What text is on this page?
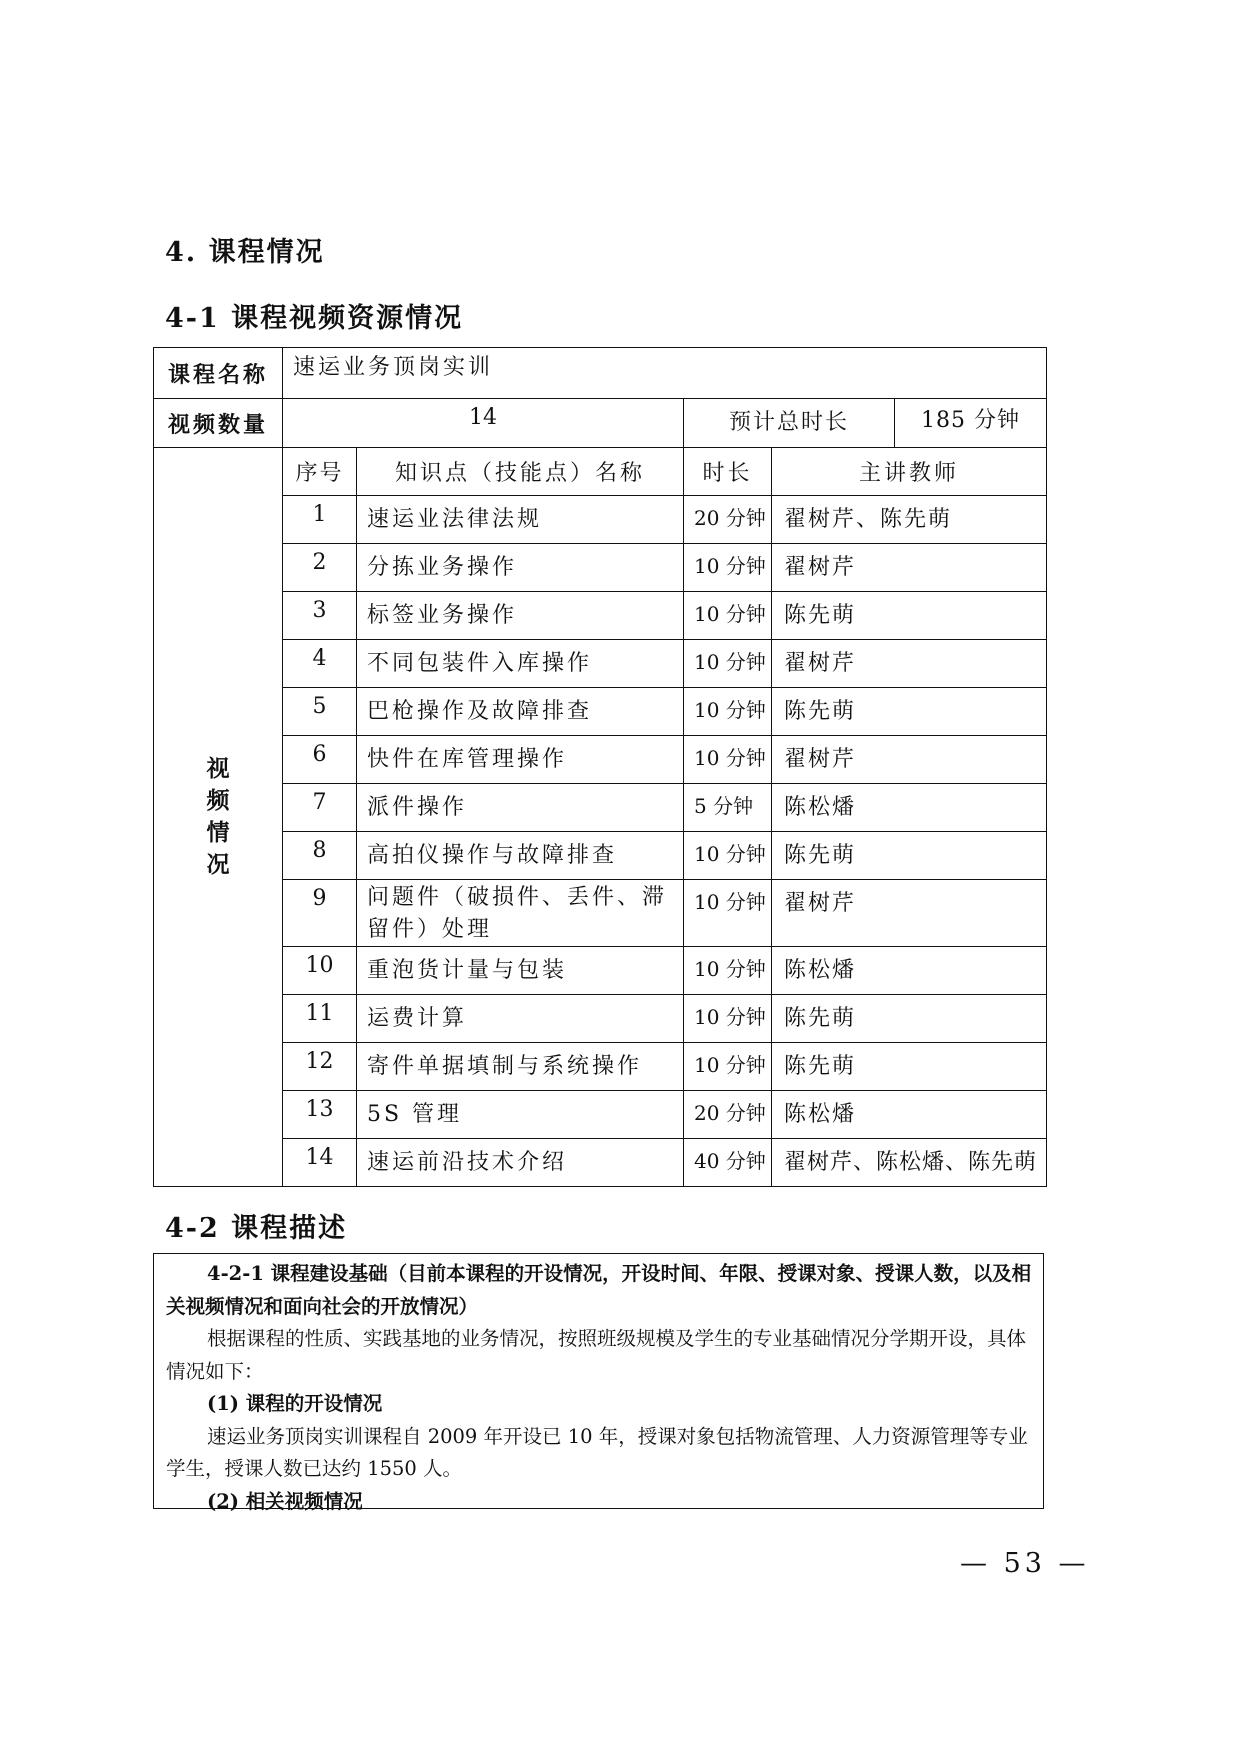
4. 课程情况
4-1 课程视频资源情况
课程名称	速运业务顶岗实训			
视频数量	14		预计总时长 185 分钟	

视
频
情
况	序号	知识点（技能点）名称	时长	主讲教师
	1	速运业法律法规	20 分钟	翟树芹、陈先萌
	2	分拣业务操作	10 分钟	翟树芹
	3	标签业务操作	10 分钟	陈先萌
	4	不同包装件入库操作	10 分钟	翟树芹
	5	巴枪操作及故障排查	10 分钟	陈先萌
	6	快件在库管理操作	10 分钟	翟树芹
	7	派件操作	5 分钟	陈松燔
	8	高拍仪操作与故障排查	10 分钟	陈先萌
	9	问题件（破损件、丢件、滞留件）处理	10 分钟	翟树芹
	10	重泡货计量与包装	10 分钟	陈松燔
	11	运费计算	10 分钟	陈先萌
	12	寄件单据填制与系统操作	10 分钟	陈先萌
	13	5S 管理	20 分钟	陈松燔
	14	速运前沿技术介绍	40 分钟	翟树芹、陈松燔、陈先萌
4-2 课程描述

4-2-1 课程建设基础（目前本课程的开设情况，开设时间、年限、授课对象、授课人数，以及相关视频情况和面向社会的开放情况）

根据课程的性质、实践基地的业务情况，按照班级规模及学生的专业基础情况分学期开设，具体情况如下：

(1) 课程的开设情况

速运业务顶岗实训课程自 2009 年开设已 10 年，授课对象包括物流管理、人力资源管理等专业学生，授课人数已达约 1550 人。

(2) 相关视频情况

— 53 —
